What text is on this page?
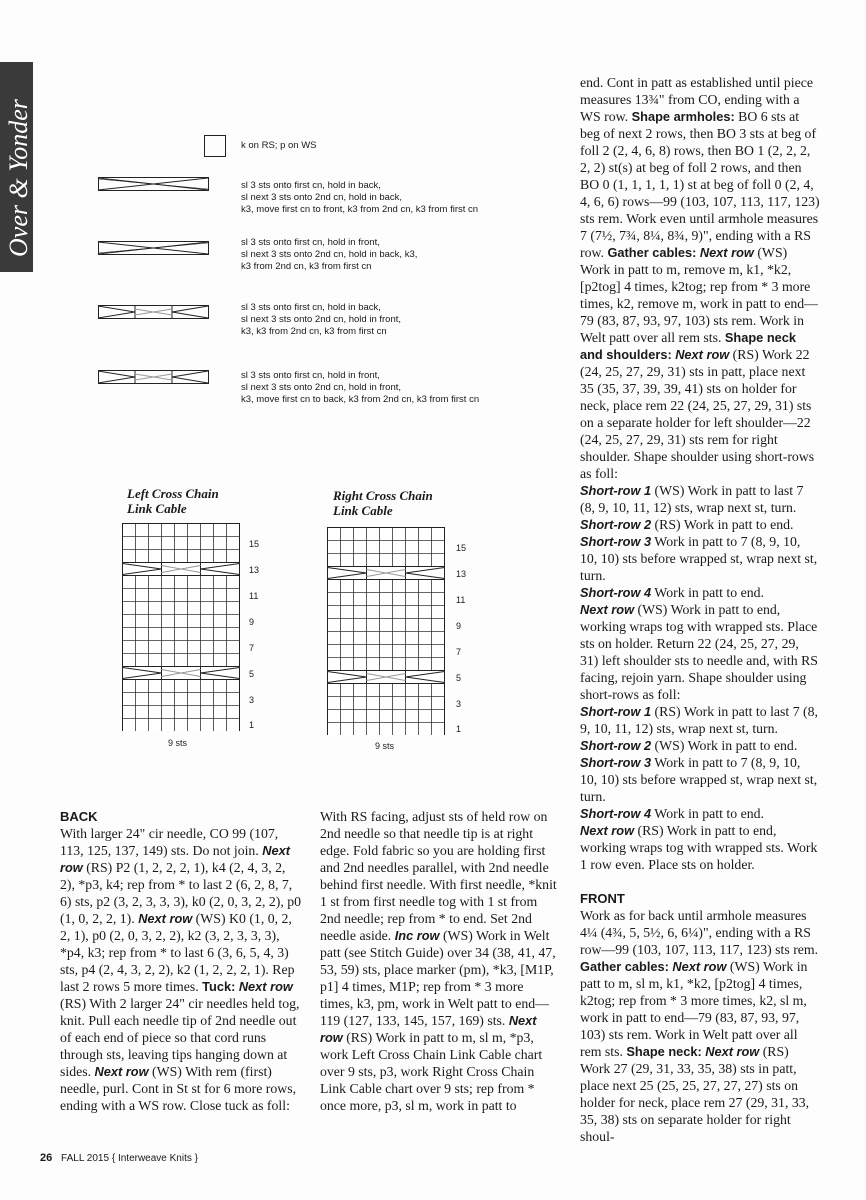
Over & Yonder	k on RS; p on WS
sl 3 sts onto first cn, hold in back,
sl next 3 sts onto 2nd cn, hold in back,
k3, move first cn to front, k3 from 2nd cn, k3 from first cn
sl 3 sts onto first cn, hold in front,
sl next 3 sts onto 2nd cn, hold in back, k3,
k3 from 2nd cn, k3 from first cn
sl 3 sts onto first cn, hold in back,
sl next 3 sts onto 2nd cn, hold in front,
k3, k3 from 2nd cn, k3 from first cn
sl 3 sts onto first cn, hold in front,
sl next 3 sts onto 2nd cn, hold in front,
k3, move first cn to back, k3 from 2nd cn, k3 from first cn
Left Cross Chain
Link Cable
Right Cross Chain
Link Cable
15
13
11
9
7
5
3
1
15
13
11
9
7
5
3
1
9 sts	9 sts

BACK

With larger 24" cir needle, CO 99 (107, 113, 125, 137, 149) sts. Do not join. Next row (RS) P2 (1, 2, 2, 2, 1), k4 (2, 4, 3, 2, 2), *p3, k4; rep from * to last 2 (6, 2, 8, 7, 6) sts, p2 (3, 2, 3, 3, 3), k0 (2, 0, 3, 2, 2), p0 (1, 0, 2, 2, 1). Next row (WS) K0 (1, 0, 2, 2, 1), p0 (2, 0, 3, 2, 2), k2 (3, 2, 3, 3, 3), *p4, k3; rep from * to last 6 (3, 6, 5, 4, 3) sts, p4 (2, 4, 3, 2, 2), k2 (1, 2, 2, 2, 1). Rep last 2 rows 5 more times. Tuck: Next row (RS) With 2 larger 24" cir needles held tog, knit. Pull each needle tip of 2nd needle out of each end of piece so that cord runs through sts, leaving tips hanging down at sides. Next row (WS) With rem (first) needle, purl. Cont in St st for 6 more rows, ending with a WS row. Close tuck as foll:

With RS facing, adjust sts of held row on 2nd needle so that needle tip is at right edge. Fold fabric so you are holding first and 2nd needles parallel, with 2nd needle behind first needle. With first needle, *knit 1 st from first needle tog with 1 st from 2nd needle; rep from * to end. Set 2nd needle aside. Inc row (WS) Work in Welt patt (see Stitch Guide) over 34 (38, 41, 47, 53, 59) sts, place marker (pm), *k3, [M1P, p1] 4 times, M1P; rep from * 3 more times, k3, pm, work in Welt patt to end—119 (127, 133, 145, 157, 169) sts. Next row (RS) Work in patt to m, sl m, *p3, work Left Cross Chain Link Cable chart over 9 sts, p3, work Right Cross Chain Link Cable chart over 9 sts; rep from * once more, p3, sl m, work in patt to

end. Cont in patt as established until piece measures 13¾" from CO, ending with a WS row. Shape armholes: BO 6 sts at beg of next 2 rows, then BO 3 sts at beg of foll 2 (2, 4, 6, 8) rows, then BO 1 (2, 2, 2, 2, 2) st(s) at beg of foll 2 rows, and then BO 0 (1, 1, 1, 1, 1) st at beg of foll 0 (2, 4, 4, 6, 6) rows—99 (103, 107, 113, 117, 123) sts rem. Work even until armhole measures 7 (7½, 7¾, 8¼, 8¾, 9)", ending with a RS row. Gather cables: Next row (WS) Work in patt to m, remove m, k1, *k2, [p2tog] 4 times, k2tog; rep from * 3 more times, k2, remove m, work in patt to end—79 (83, 87, 93, 97, 103) sts rem. Work in Welt patt over all rem sts. Shape neck and shoulders: Next row (RS) Work 22 (24, 25, 27, 29, 31) sts in patt, place next 35 (35, 37, 39, 39, 41) sts on holder for neck, place rem 22 (24, 25, 27, 29, 31) sts on a separate holder for left shoulder—22 (24, 25, 27, 29, 31) sts rem for right shoulder. Shape shoulder using short-rows as foll:

Short-row 1 (WS) Work in patt to last 7 (8, 9, 10, 11, 12) sts, wrap next st, turn.

Short-row 2 (RS) Work in patt to end.

Short-row 3 Work in patt to 7 (8, 9, 10, 10, 10) sts before wrapped st, wrap next st, turn.

Short-row 4 Work in patt to end.

Next row (WS) Work in patt to end, working wraps tog with wrapped sts. Place sts on holder. Return 22 (24, 25, 27, 29, 31) left shoulder sts to needle and, with RS facing, rejoin yarn. Shape shoulder using short-rows as foll:

Short-row 1 (RS) Work in patt to last 7 (8, 9, 10, 11, 12) sts, wrap next st, turn.

Short-row 2 (WS) Work in patt to end.

Short-row 3 Work in patt to 7 (8, 9, 10, 10, 10) sts before wrapped st, wrap next st, turn.

Short-row 4 Work in patt to end.

Next row (RS) Work in patt to end, working wraps tog with wrapped sts. Work 1 row even. Place sts on holder.

FRONT

Work as for back until armhole measures 4¼ (4¾, 5, 5½, 6, 6¼)", ending with a RS row—99 (103, 107, 113, 117, 123) sts rem. Gather cables: Next row (WS) Work in patt to m, sl m, k1, *k2, [p2tog] 4 times, k2tog; rep from * 3 more times, k2, sl m, work in patt to end—79 (83, 87, 93, 97, 103) sts rem. Work in Welt patt over all rem sts. Shape neck: Next row (RS) Work 27 (29, 31, 33, 35, 38) sts in patt, place next 25 (25, 25, 27, 27, 27) sts on holder for neck, place rem 27 (29, 31, 33, 35, 38) sts on separate holder for right shoul-

26 FALL 2015 { Interweave Knits }
